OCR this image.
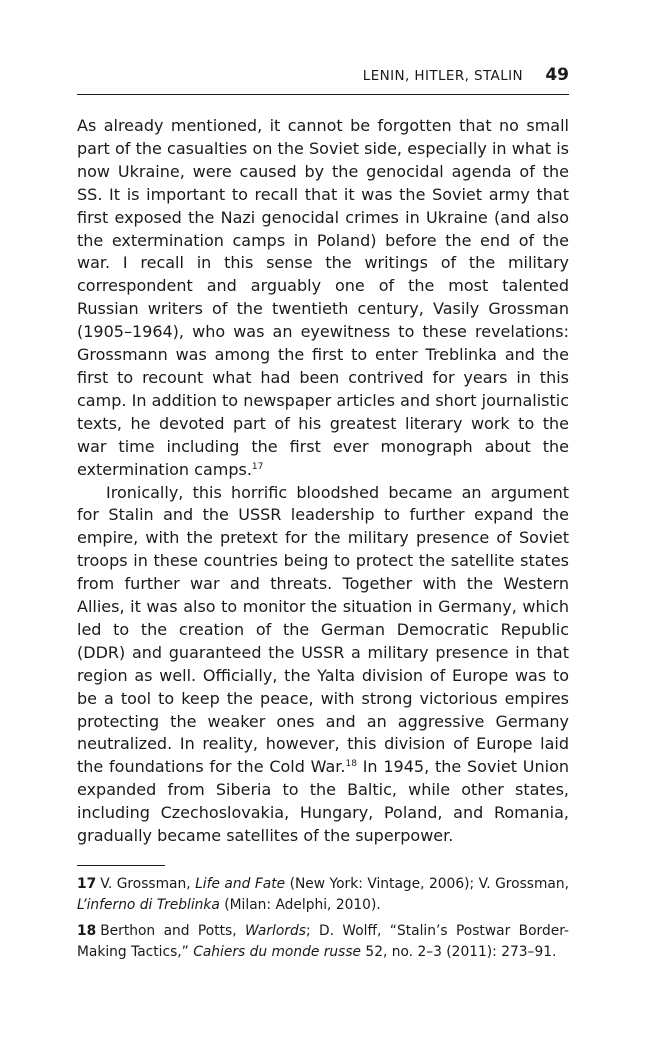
LENIN, HITLER, STALIN 49

As already mentioned, it cannot be forgotten that no small part of the casualties on the Soviet side, especially in what is now Ukraine, were caused by the genocidal agenda of the SS. It is important to recall that it was the Soviet army that first exposed the Nazi genocidal crimes in Ukraine (and also the extermination camps in Poland) before the end of the war. I recall in this sense the writings of the military correspondent and arguably one of the most talented Russian writers of the twentieth century, Vasily Grossman (1905–1964), who was an eyewitness to these revelations: Grossmann was among the first to enter Treblinka and the first to recount what had been contrived for years in this camp. In addition to newspaper articles and short journalistic texts, he devoted part of his greatest literary work to the war time including the first ever monograph about the extermination camps.$^{17}$

Ironically, this horrific bloodshed became an argument for Stalin and the USSR leadership to further expand the empire, with the pretext for the military presence of Soviet troops in these countries being to protect the satellite states from further war and threats. Together with the Western Allies, it was also to monitor the situation in Germany, which led to the creation of the German Democratic Republic (DDR) and guaranteed the USSR a military presence in that region as well. Officially, the Yalta division of Europe was to be a tool to keep the peace, with strong victorious empires protecting the weaker ones and an aggressive Germany neutralized. In reality, however, this division of Europe laid the foundations for the Cold War.$^{18}$ In 1945, the Soviet Union expanded from Siberia to the Baltic, while other states, including Czechoslovakia, Hungary, Poland, and Romania, gradually became satellites of the superpower.

17 V. Grossman, Life and Fate (New York: Vintage, 2006); V. Grossman, L’inferno di Treblinka (Milan: Adelphi, 2010).

18 Berthon and Potts, Warlords; D. Wolff, “Stalin’s Postwar Border-Making Tactics,” Cahiers du monde russe 52, no. 2–3 (2011): 273–91.
